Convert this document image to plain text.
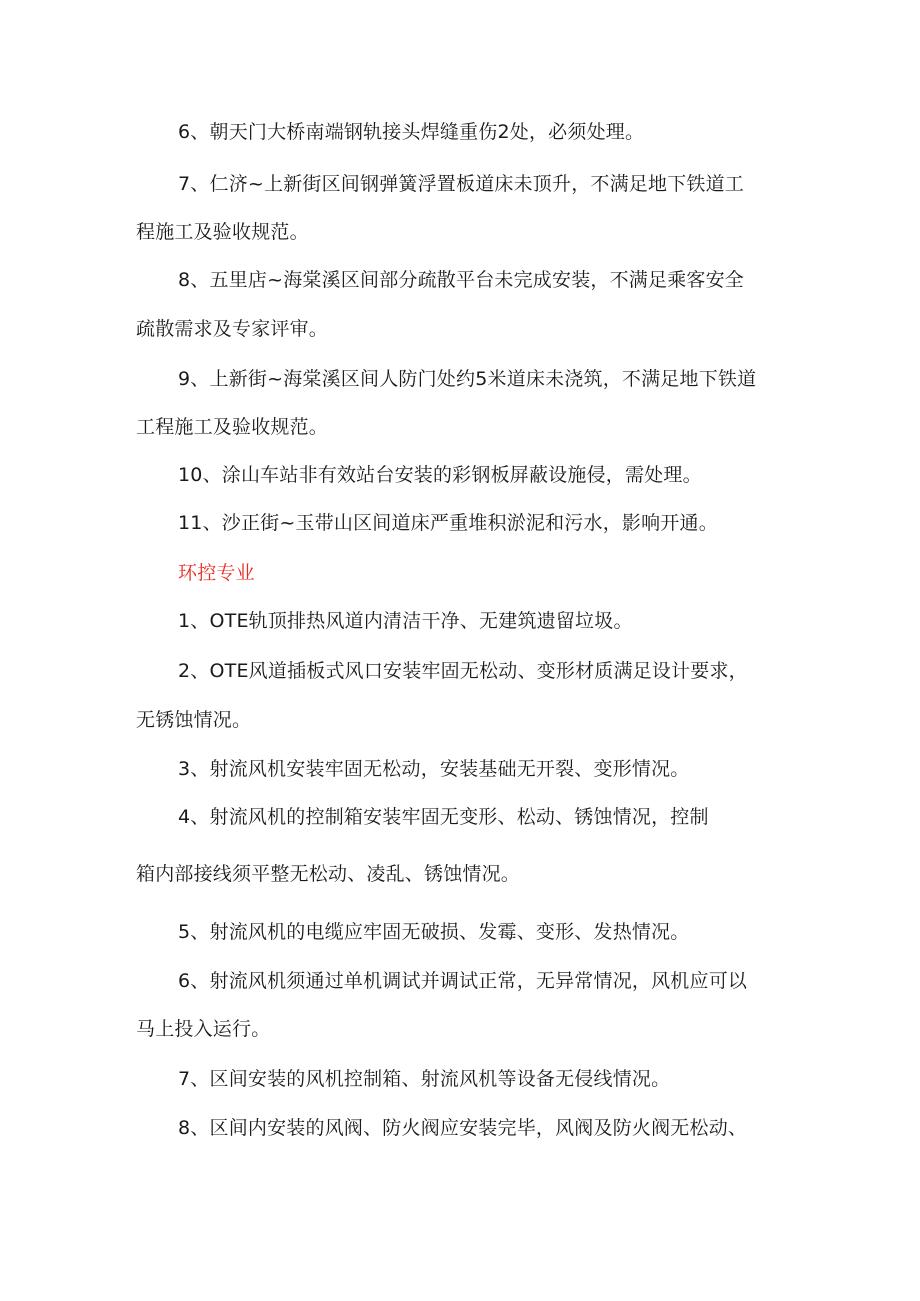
6、朝天门大桥南端钢轨接头焊缝重伤2处，必须处理。
7、仁济~上新街区间钢弹簧浮置板道床未顶升，不满足地下铁道工
程施工及验收规范。
8、五里店~海棠溪区间部分疏散平台未完成安装，不满足乘客安全
疏散需求及专家评审。
9、上新街~海棠溪区间人防门处约5米道床未浇筑，不满足地下铁道
工程施工及验收规范。
10、涂山车站非有效站台安装的彩钢板屏蔽设施侵，需处理。
11、沙正街~玉带山区间道床严重堆积淤泥和污水，影响开通。
环控专业
1、OTE轨顶排热风道内清洁干净、无建筑遗留垃圾。
2、OTE风道插板式风口安装牢固无松动、变形材质满足设计要求，
无锈蚀情况。
3、射流风机安装牢固无松动，安装基础无开裂、变形情况。
4、射流风机的控制箱安装牢固无变形、松动、锈蚀情况，控制
箱内部接线须平整无松动、凌乱、锈蚀情况。
5、射流风机的电缆应牢固无破损、发霉、变形、发热情况。
6、射流风机须通过单机调试并调试正常，无异常情况，风机应可以
马上投入运行。
7、区间安装的风机控制箱、射流风机等设备无侵线情况。
8、区间内安装的风阀、防火阀应安装完毕，风阀及防火阀无松动、
